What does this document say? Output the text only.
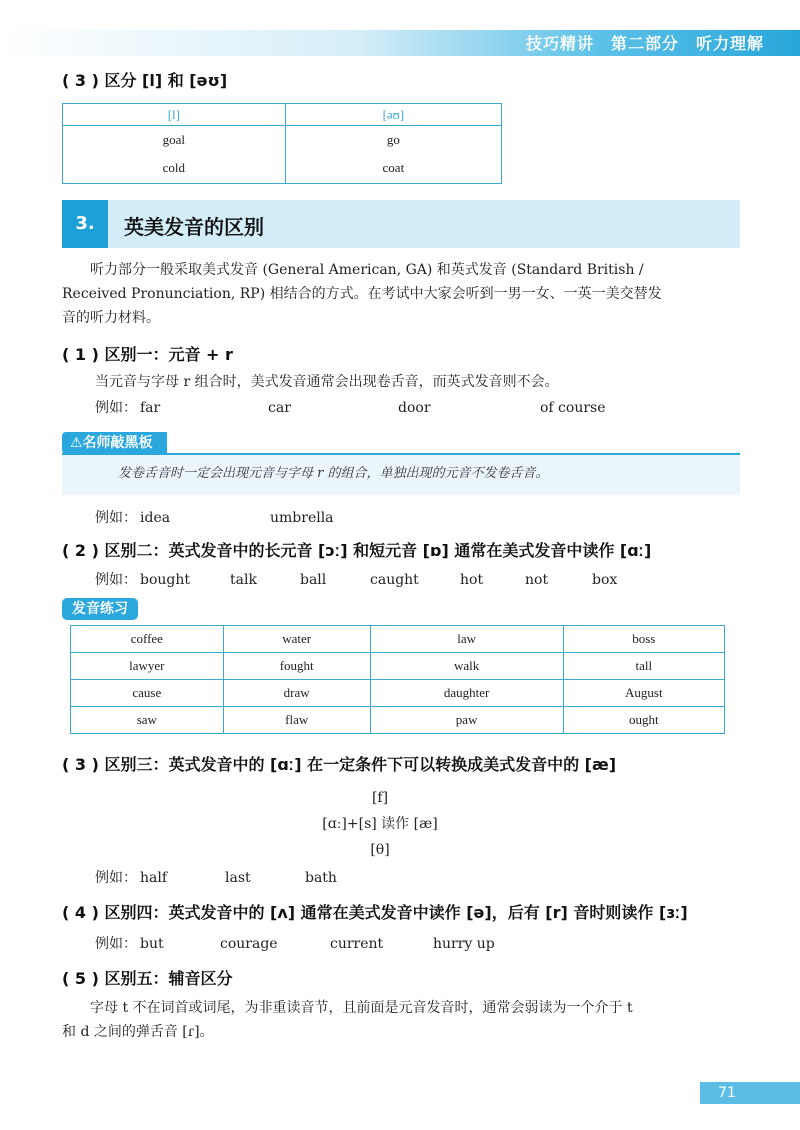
技巧精讲　第二部分　听力理解
( 3 ) 区分 [l] 和 [əʊ]
[l]	[əʊ]
goal	go
cold	coat
3.	英美发音的区别
听力部分一般采取美式发音 (General American, GA) 和英式发音 (Standard British /
Received Pronunciation, RP) 相结合的方式。在考试中大家会听到一男一女、一英一美交替发
音的听力材料。
( 1 ) 区别一：元音 + r
当元音与字母 r 组合时，美式发音通常会出现卷舌音，而英式发音则不会。
例如： far	car	door	of course
⚠名师敲黑板
发卷舌音时一定会出现元音与字母 r 的组合，单独出现的元音不发卷舌音。
例如： idea	umbrella
( 2 ) 区别二：英式发音中的长元音 [ɔː] 和短元音 [ɒ] 通常在美式发音中读作 [ɑː]
例如： bought	talk	ball	caught	hot	not	box
发音练习
coffee	water	law	boss
lawyer	fought	walk	tall
cause	draw	daughter	August
saw	flaw	paw	ought
( 3 ) 区别三：英式发音中的 [ɑː] 在一定条件下可以转换成美式发音中的 [æ]
[f]
[ɑː]+[s] 读作 [æ]
[θ]
例如： half	last	bath
( 4 ) 区别四：英式发音中的 [ʌ] 通常在美式发音中读作 [ə]，后有 [r] 音时则读作 [ɜː]
例如： but	courage	current	hurry up
( 5 ) 区别五：辅音区分
字母 t 不在词首或词尾，为非重读音节，且前面是元音发音时，通常会弱读为一个介于 t
和 d 之间的弹舌音 [ɾ]。
71
